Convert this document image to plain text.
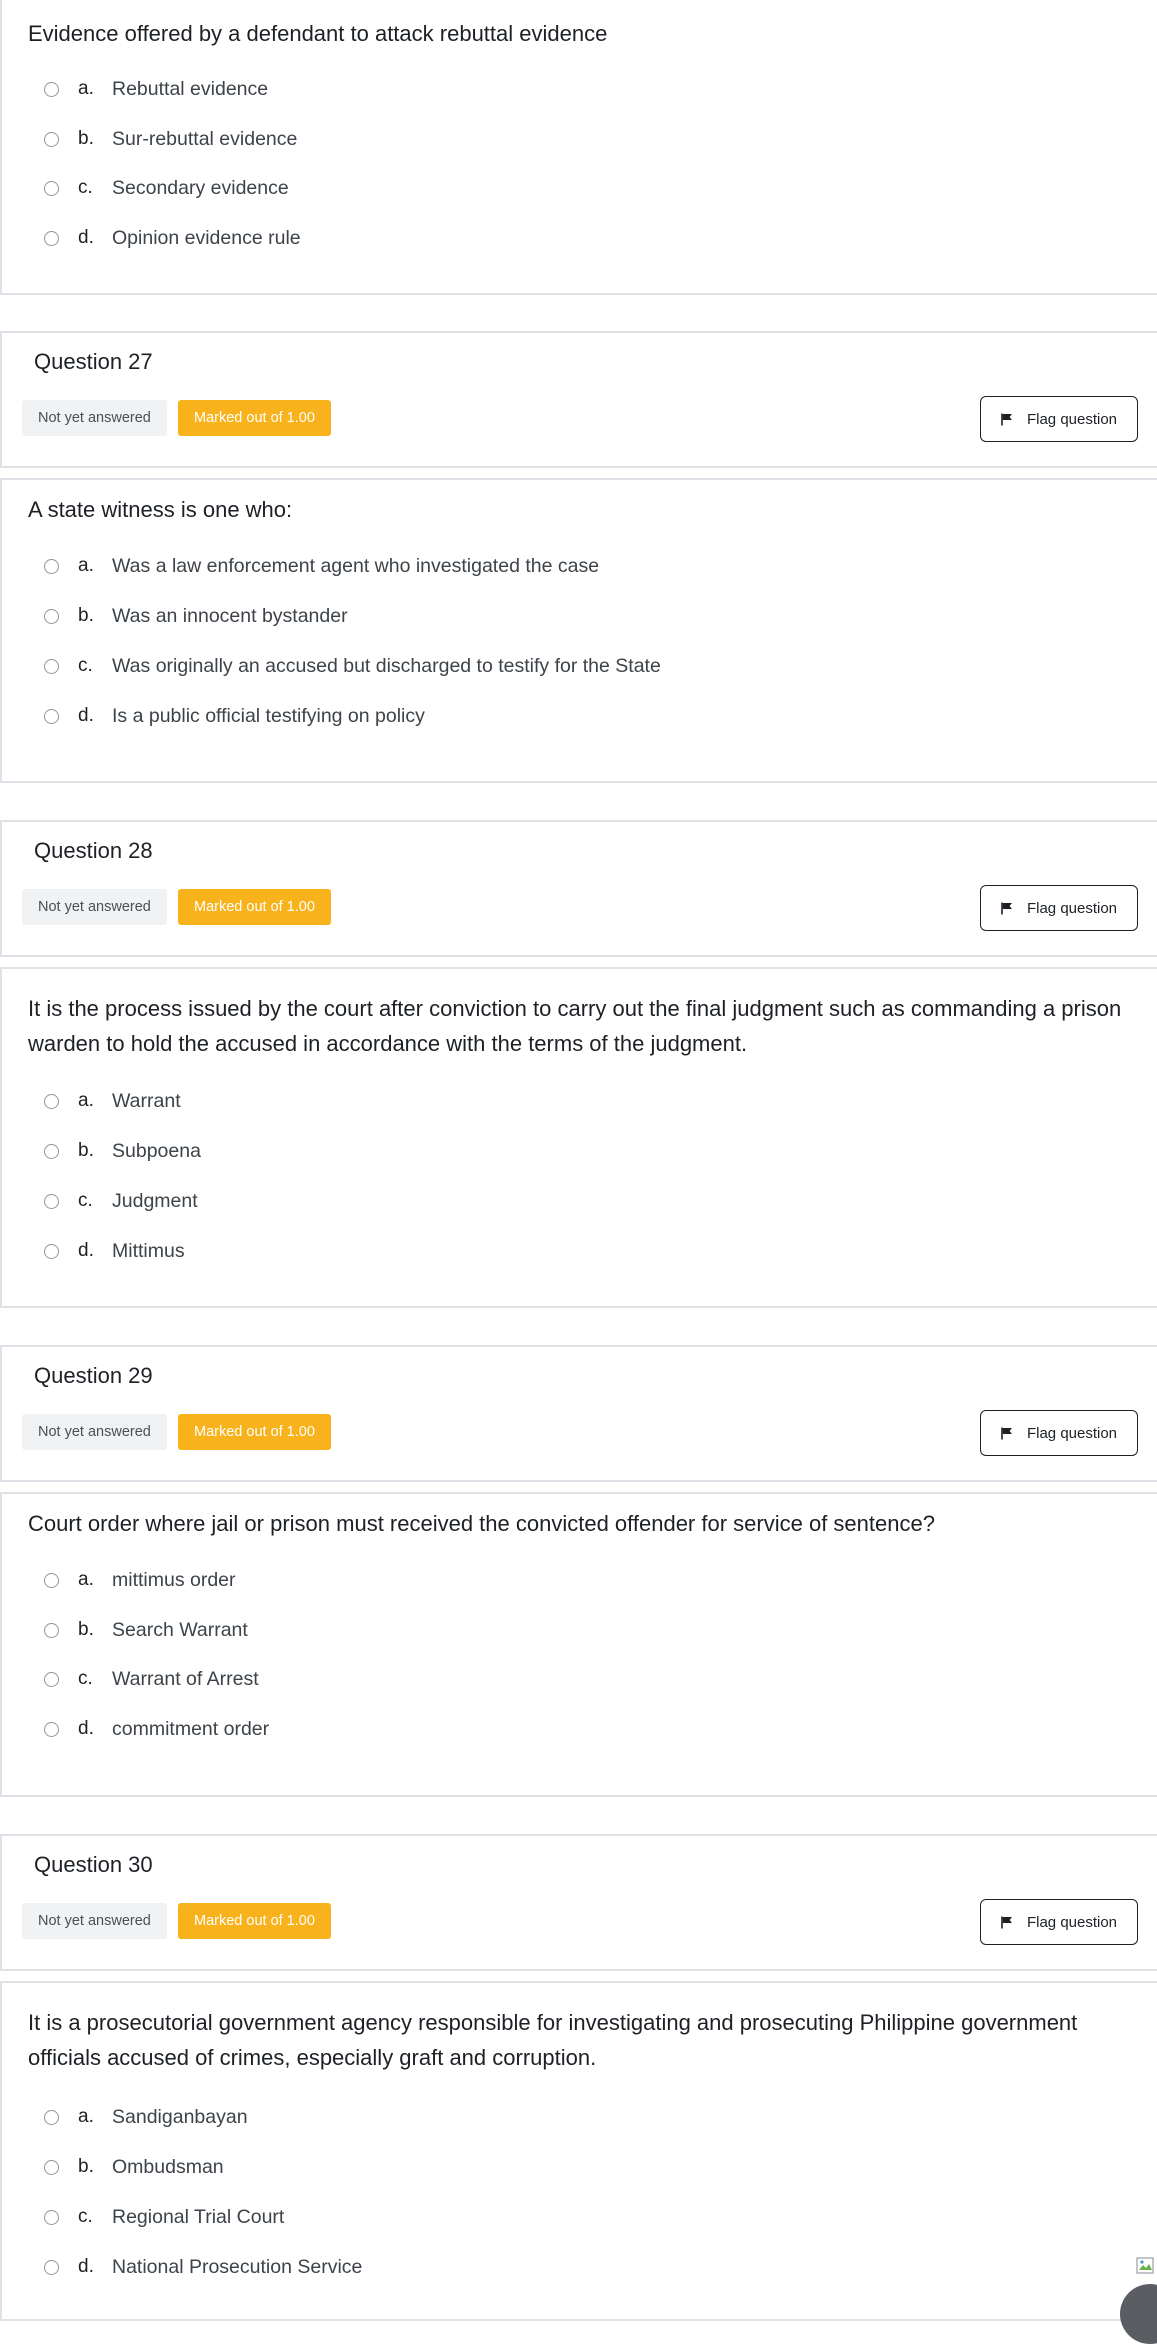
Evidence offered by a defendant to attack rebuttal evidence
a. Rebuttal evidence
b. Sur-rebuttal evidence
c. Secondary evidence
d. Opinion evidence rule
Question 27
Not yet answered	Marked out of 1.00	Flag question
A state witness is one who:
a. Was a law enforcement agent who investigated the case
b. Was an innocent bystander
c. Was originally an accused but discharged to testify for the State
d. Is a public official testifying on policy
Question 28
Not yet answered	Marked out of 1.00	Flag question
It is the process issued by the court after conviction to carry out the final judgment such as commanding a prison warden to hold the accused in accordance with the terms of the judgment.
a. Warrant
b. Subpoena
c. Judgment
d. Mittimus
Question 29
Not yet answered	Marked out of 1.00	Flag question
Court order where jail or prison must received the convicted offender for service of sentence?
a. mittimus order
b. Search Warrant
c. Warrant of Arrest
d. commitment order
Question 30
Not yet answered	Marked out of 1.00	Flag question
It is a prosecutorial government agency responsible for investigating and prosecuting Philippine government officials accused of crimes, especially graft and corruption.
a. Sandiganbayan
b. Ombudsman
c. Regional Trial Court
d. National Prosecution Service
